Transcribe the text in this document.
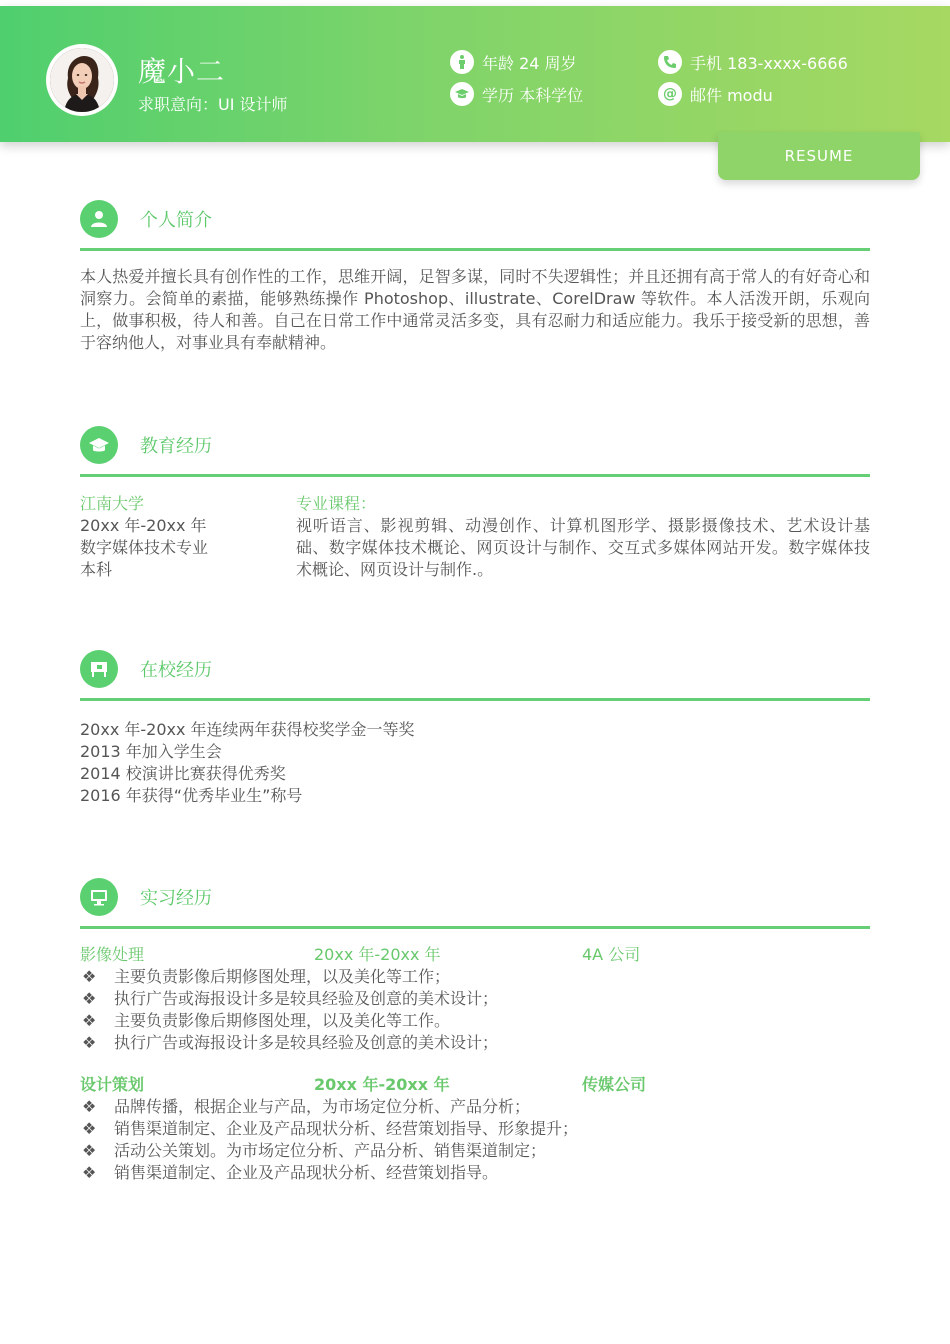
魔小二
求职意向：UI 设计师
年龄 24 周岁
学历 本科学位
手机 183-xxxx-6666
@ 邮件 modu
RESUME
个人简介
本人热爱并擅长具有创作性的工作，思维开阔，足智多谋，同时不失逻辑性；并且还拥有高于常人的有好奇心和洞察力。会简单的素描，能够熟练操作 Photoshop、illustrate、CorelDraw 等软件。本人活泼开朗，乐观向上，做事积极，待人和善。自己在日常工作中通常灵活多变，具有忍耐力和适应能力。我乐于接受新的思想，善于容纳他人，对事业具有奉献精神。
教育经历
江南大学
20xx 年-20xx 年
数字媒体技术专业
本科
专业课程：
视听语言、影视剪辑、动漫创作、计算机图形学、摄影摄像技术、艺术设计基础、数字媒体技术概论、网页设计与制作、交互式多媒体网站开发。数字媒体技术概论、网页设计与制作.。
在校经历
20xx 年-20xx 年连续两年获得校奖学金一等奖
2013 年加入学生会
2014 校演讲比赛获得优秀奖
2016 年获得“优秀毕业生”称号
实习经历
影像处理	20xx 年-20xx 年	4A 公司
❖ 主要负责影像后期修图处理，以及美化等工作；
❖ 执行广告或海报设计多是较具经验及创意的美术设计；
❖ 主要负责影像后期修图处理，以及美化等工作。
❖ 执行广告或海报设计多是较具经验及创意的美术设计；
设计策划	20xx 年-20xx 年	传媒公司
❖ 品牌传播，根据企业与产品，为市场定位分析、产品分析；
❖ 销售渠道制定、企业及产品现状分析、经营策划指导、形象提升；
❖ 活动公关策划。为市场定位分析、产品分析、销售渠道制定；
❖ 销售渠道制定、企业及产品现状分析、经营策划指导。
